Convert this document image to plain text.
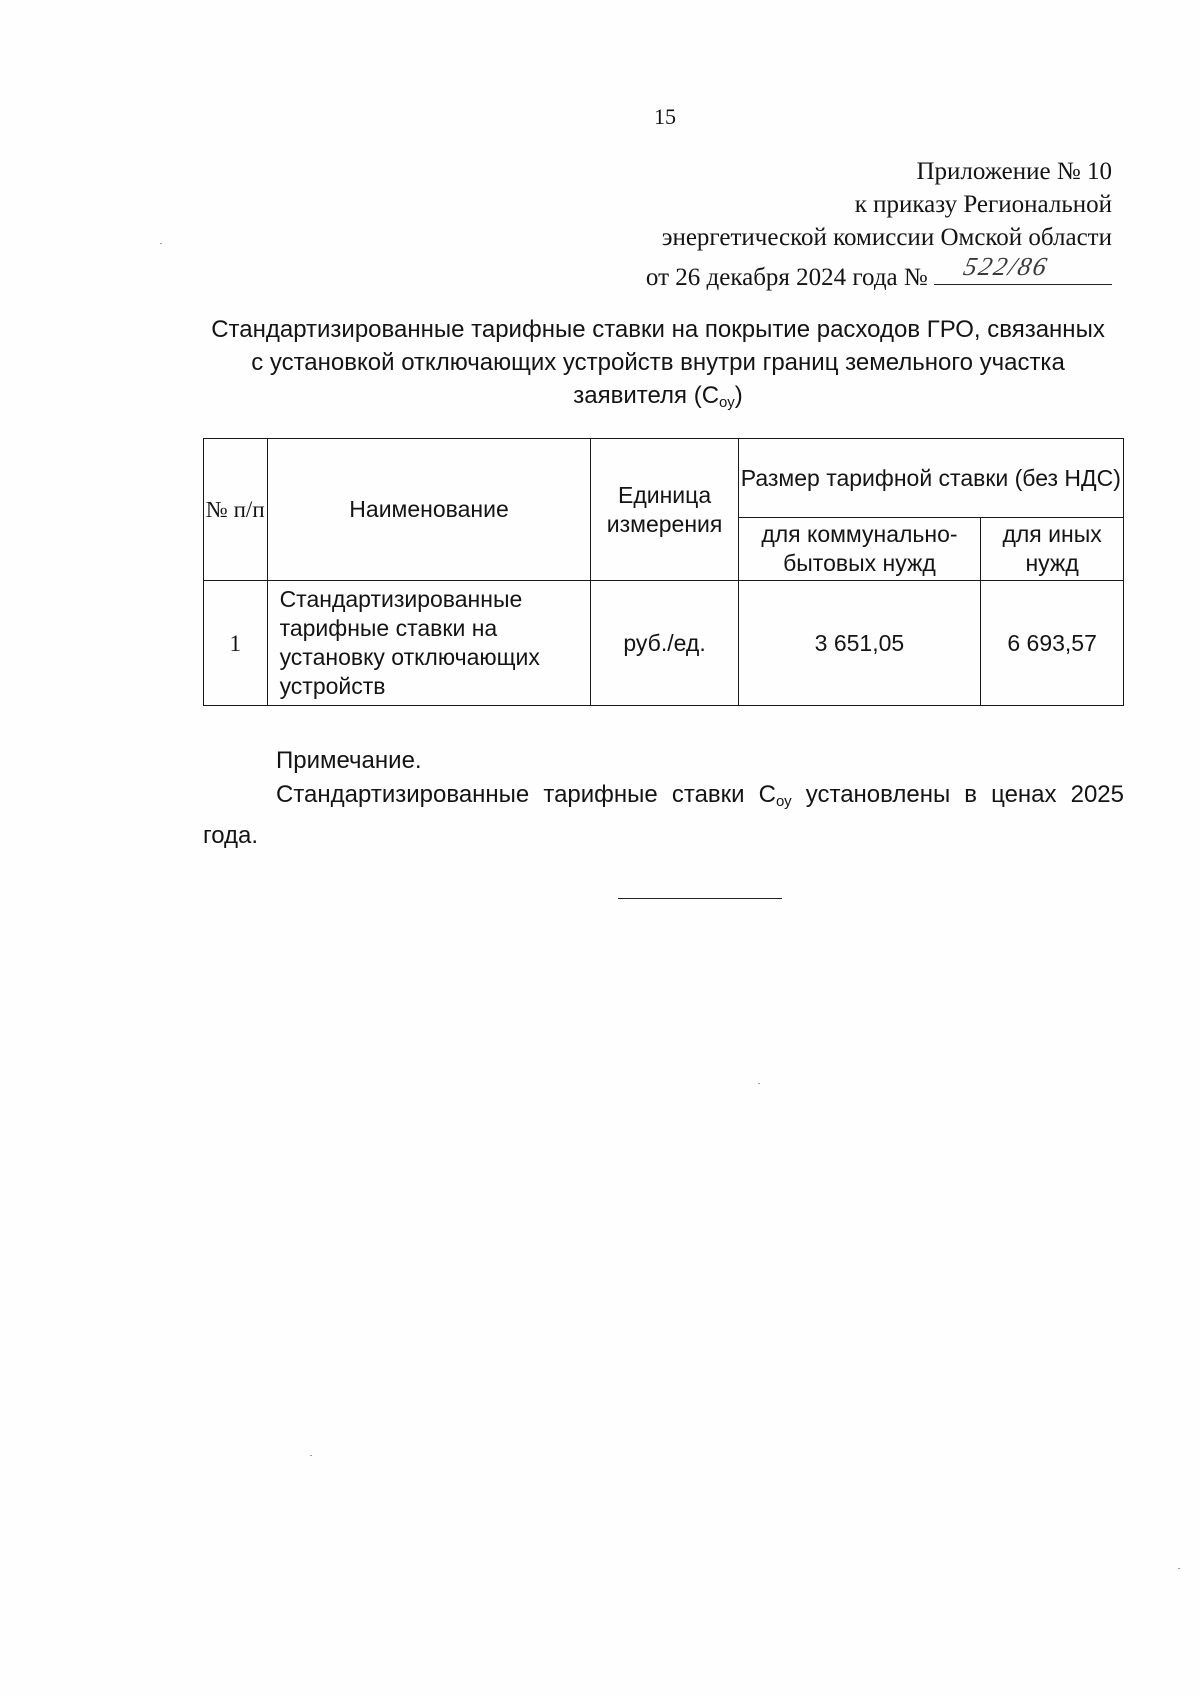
15
Приложение № 10
к приказу Региональной
энергетической комиссии Омской области
от 26 декабря 2024 года № 522/86
Стандартизированные тарифные ставки на покрытие расходов ГРО, связанных
с установкой отключающих устройств внутри границ земельного участка
заявителя $(С_{оу})$
№ п/п	Наименование	Единица измерения	Размер тарифной ставки (без НДС)	
			для коммунально-бытовых нужд	для иных нужд
1	Стандартизированные тарифные ставки на установку отключающих устройств	руб./ед.	3 651,05	6 693,57
Примечание.
Стандартизированные тарифные ставки $С_{оу}$ установлены в ценах 2025 года.
